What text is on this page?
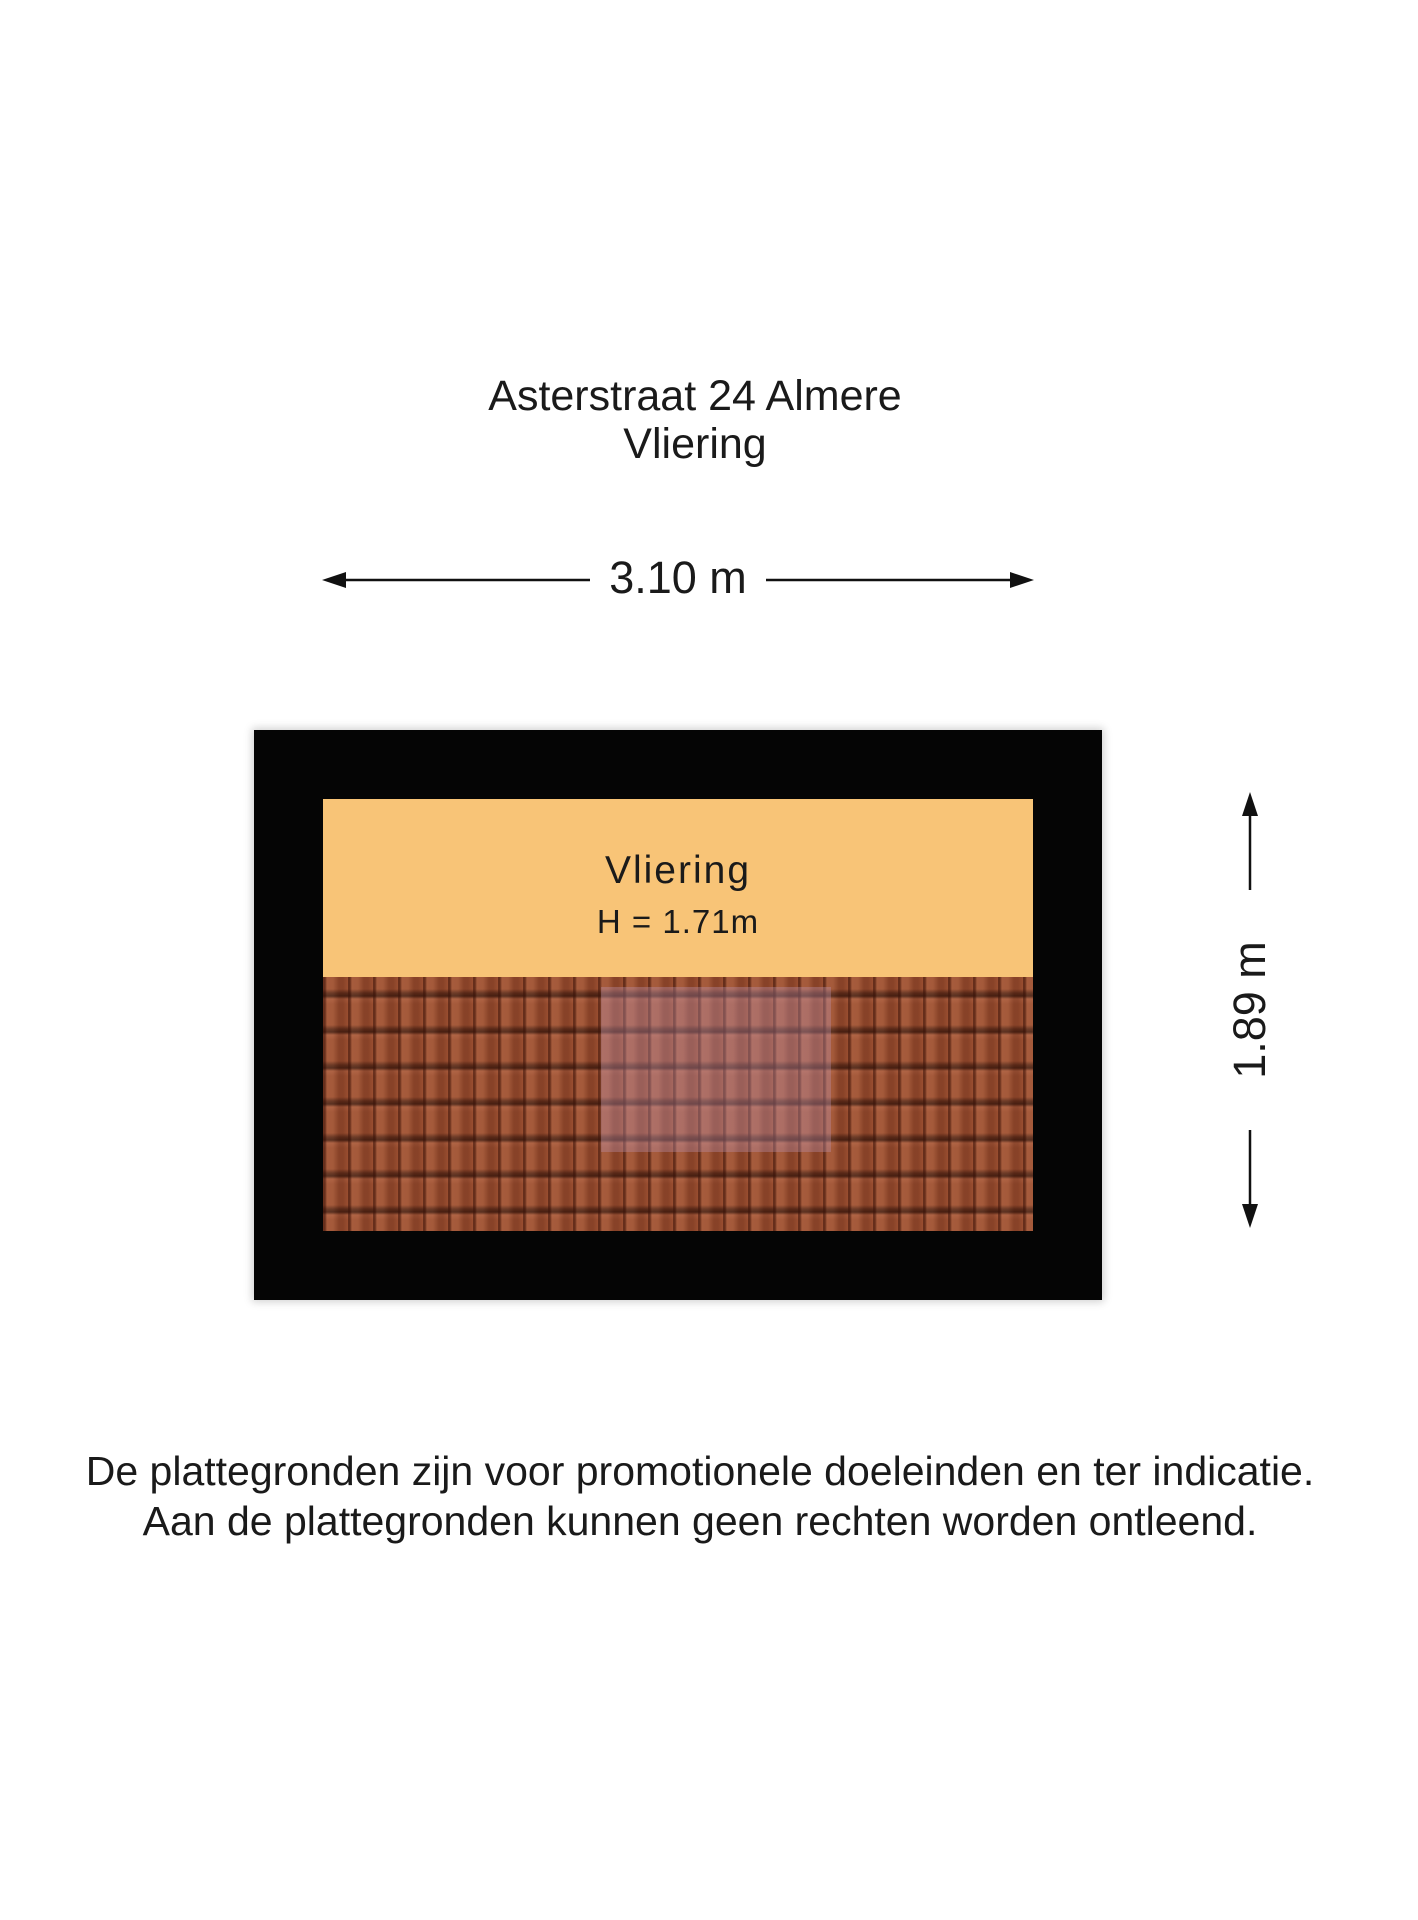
Asterstraat 24 Almere
Vliering
3.10 m
1.89 m
Vliering
H = 1.71m
De plattegronden zijn voor promotionele doeleinden en ter indicatie.
Aan de plattegronden kunnen geen rechten worden ontleend.
